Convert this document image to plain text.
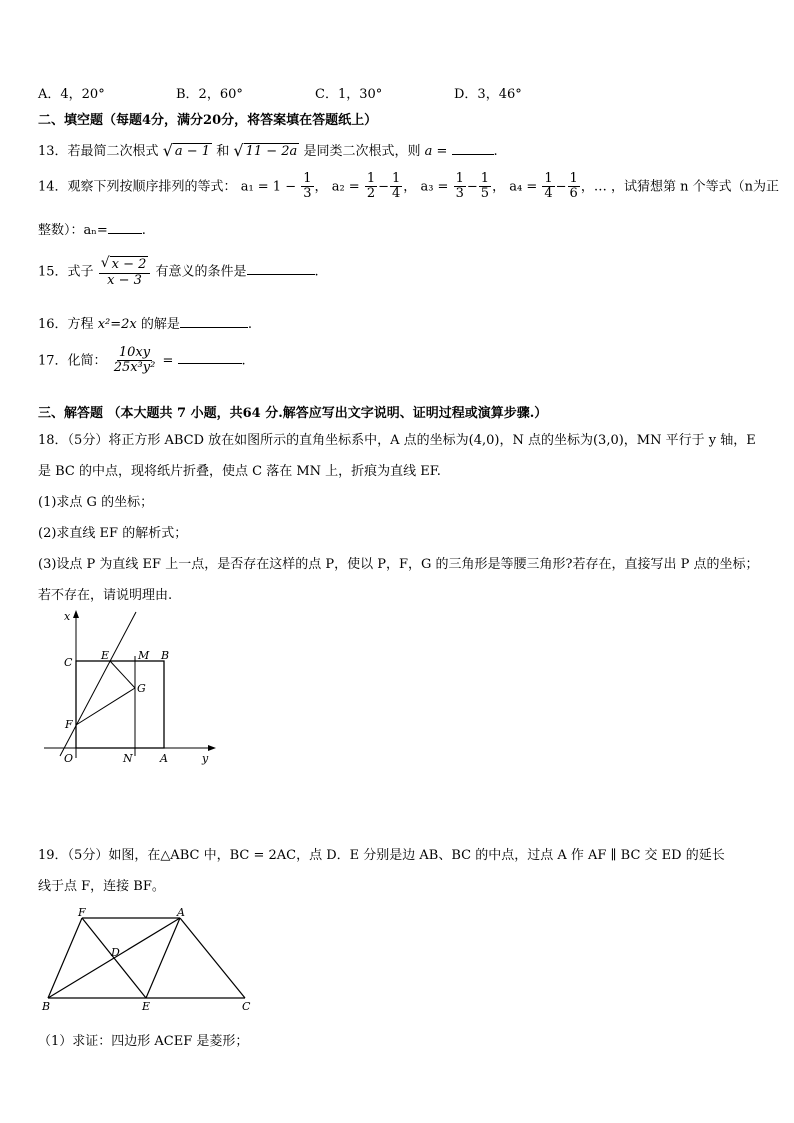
A．4，20°	B．2，60°	C．1，30°	D．3，46°
二、填空题（每题4分，满分20分，将答案填在答题纸上）
13．若最简二次根式 √ a − 1 和 √ 11 − 2a 是同类二次根式，则 a =	.
14．观察下列按顺序排列的等式： $a_1 = 1 - \frac{1}{3}$ ， $a_2 = \frac{1}{2} - \frac{1}{4}$ ， $a_3 = \frac{1}{3} - \frac{1}{5}$ ， $a_4 = \frac{1}{4} - \frac{1}{6}$ ，… ，试猜想第 n 个等式（n为正
整数）：aₙ=	.
15．式子 $\frac{√ x - 2}{x - 3}$ 有意义的条件是	.
16．方程 x²=2x 的解是	.
17．化简： $\frac{10xy}{\text{25x³y²}}$ =	.
三、解答题 （本大题共 7 小题，共64 分.解答应写出文字说明、证明过程或演算步骤.）
18．（5分）将正方形 ABCD 放在如图所示的直角坐标系中，A 点的坐标为(4,0)，N 点的坐标为(3,0)，MN 平行于 y 轴，E
是 BC 的中点，现将纸片折叠，使点 C 落在 MN 上，折痕为直线 EF.
(1)求点 G 的坐标；
(2)求直线 EF 的解析式；
(3)设点 P 为直线 EF 上一点，是否存在这样的点 P，使以 P，F，G 的三角形是等腰三角形?若存在，直接写出 P 点的坐标；
若不存在，请说明理由.
x
y
O	N A
C
E	M B
G
F
19．（5分）如图，在△ABC 中，BC = 2AC，点 D．E 分别是边 AB、BC 的中点，过点 A 作 AF ∥ BC 交 ED 的延长
线于点 F，连接 BF。
F	A
D
B	E	C
（1）求证：四边形 ACEF 是菱形；
